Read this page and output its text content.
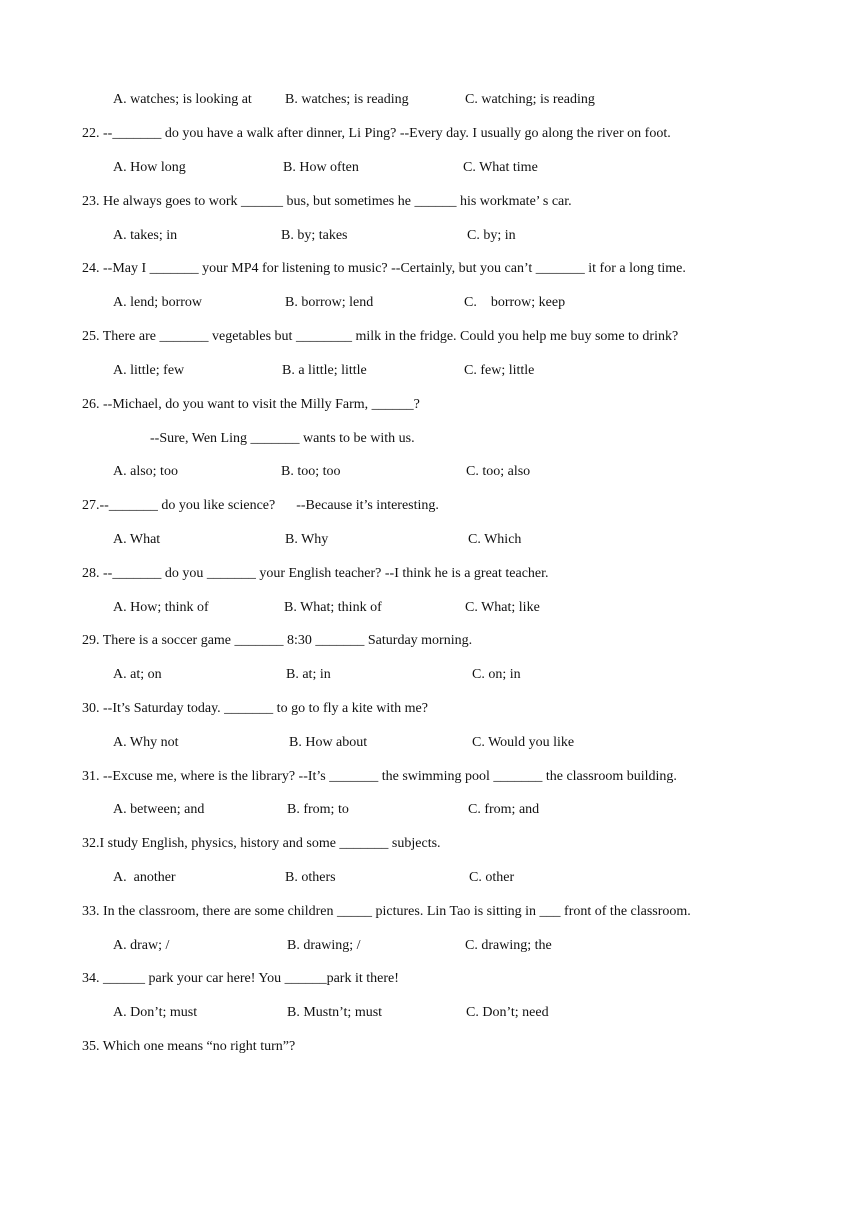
A. watches; is looking at B. watches; is reading	C. watching; is reading
22. --_______ do you have a walk after dinner, Li Ping? --Every day. I usually go along the river on foot.
A. How long	B. How often	C. What time
23. He always goes to work ______ bus, but sometimes he ______ his workmate’ s car.
A. takes; in	B. by; takes	C. by; in
24. --May I _______ your MP4 for listening to music? --Certainly, but you can’t _______ it for a long time.
A. lend; borrow	B. borrow; lend	C.    borrow; keep
25. There are _______ vegetables but ________ milk in the fridge. Could you help me buy some to drink?
A. little; few	B. a little; little	C. few; little
26. --Michael, do you want to visit the Milly Farm, ______?
--Sure, Wen Ling _______ wants to be with us.
A. also; too	B. too; too	C. too; also
27.--_______ do you like science?      --Because it’s interesting.
A. What	B. Why	C. Which
28. --_______ do you _______ your English teacher? --I think he is a great teacher.
A. How; think of	B. What; think of	C. What; like
29. There is a soccer game _______ 8:30 _______ Saturday morning.
A. at; on	B. at; in	C. on; in
30. --It’s Saturday today. _______ to go to fly a kite with me?
A. Why not	B. How about	C. Would you like
31. --Excuse me, where is the library? --It’s _______ the swimming pool _______ the classroom building.
A. between; and	B. from; to	C. from; and
32.I study English, physics, history and some _______ subjects.
A.  another	B. others	C. other
33. In the classroom, there are some children _____ pictures. Lin Tao is sitting in ___ front of the classroom.
A. draw; /	B. drawing; /	C. drawing; the
34. ______ park your car here! You ______park it there!
A. Don’t; must	B. Mustn’t; must	C. Don’t; need
35. Which one means “no right turn”?
